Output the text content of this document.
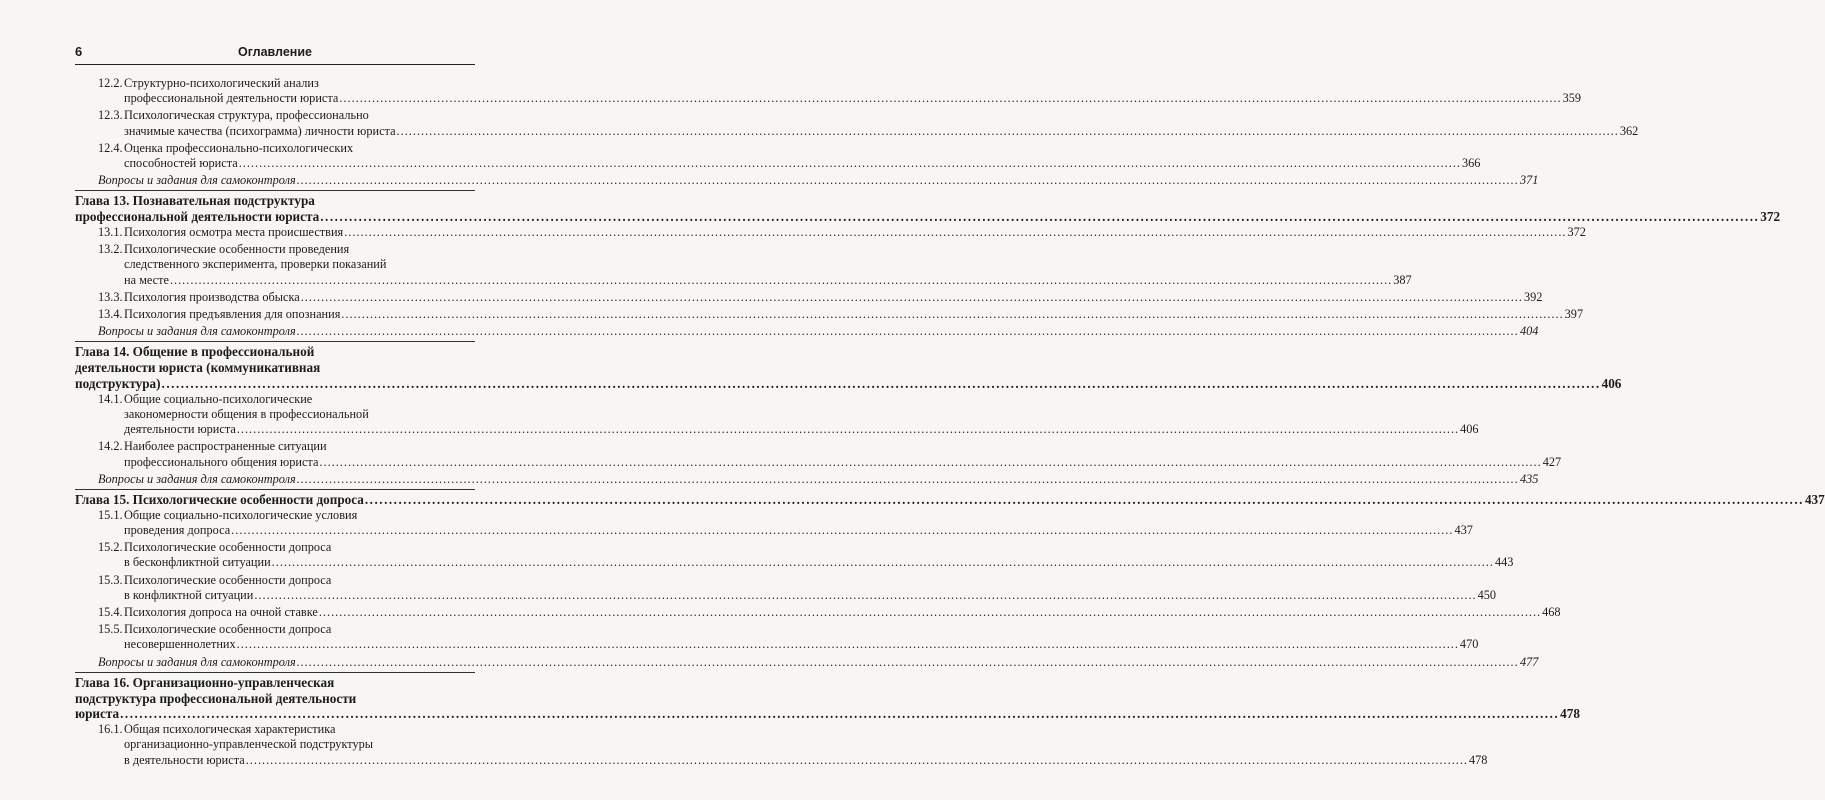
6	Оглавление
12.2. Структурно-психологический анализ
профессиональной деятельности юриста ............................................................................................................................................................................................................................................................................................................ 359
12.3. Психологическая структура, профессионально
значимые качества (психограмма) личности юриста ............................................................................................................................................................................................................................................................................................................ 362
12.4. Оценка профессионально-психологических
способностей юриста ............................................................................................................................................................................................................................................................................................................ 366
Вопросы и задания для самоконтроля ............................................................................................................................................................................................................................................................................................................ 371
Глава 13. Познавательная подструктура
профессиональной деятельности юриста ............................................................................................................................................................................................................................................................................................................ 372
13.1. Психология осмотра места происшествия ............................................................................................................................................................................................................................................................................................................ 372
13.2. Психологические особенности проведения
следственного эксперимента, проверки показаний
на месте ............................................................................................................................................................................................................................................................................................................ 387
13.3. Психология производства обыска ............................................................................................................................................................................................................................................................................................................ 392
13.4. Психология предъявления для опознания ............................................................................................................................................................................................................................................................................................................ 397
Вопросы и задания для самоконтроля ............................................................................................................................................................................................................................................................................................................ 404
Глава 14. Общение в профессиональной
деятельности юриста (коммуникативная
подструктура) ............................................................................................................................................................................................................................................................................................................ 406
14.1. Общие социально-психологические
закономерности общения в профессиональной
деятельности юриста ............................................................................................................................................................................................................................................................................................................ 406
14.2. Наиболее распространенные ситуации
профессионального общения юриста ............................................................................................................................................................................................................................................................................................................ 427
Вопросы и задания для самоконтроля ............................................................................................................................................................................................................................................................................................................ 435
Глава 15. Психологические особенности допроса ............................................................................................................................................................................................................................................................................................................ 437
15.1. Общие социально-психологические условия
проведения допроса ............................................................................................................................................................................................................................................................................................................ 437
15.2. Психологические особенности допроса
в бесконфликтной ситуации ............................................................................................................................................................................................................................................................................................................ 443
15.3. Психологические особенности допроса
в конфликтной ситуации ............................................................................................................................................................................................................................................................................................................ 450
15.4. Психология допроса на очной ставке ............................................................................................................................................................................................................................................................................................................ 468
15.5. Психологические особенности допроса
несовершеннолетних ............................................................................................................................................................................................................................................................................................................ 470
Вопросы и задания для самоконтроля ............................................................................................................................................................................................................................................................................................................ 477
Глава 16. Организационно-управленческая
подструктура профессиональной деятельности
юриста ............................................................................................................................................................................................................................................................................................................ 478
16.1. Общая психологическая характеристика
организационно-управленческой подструктуры
в деятельности юриста ............................................................................................................................................................................................................................................................................................................ 478
